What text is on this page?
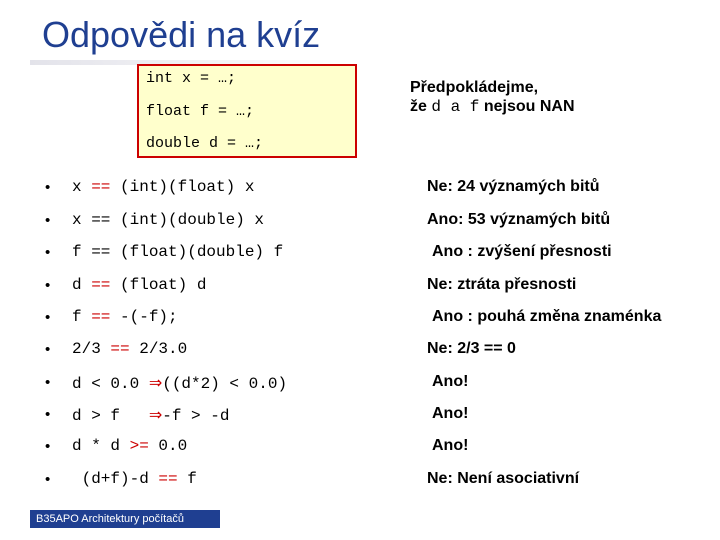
Odpovědi na kvíz
int x = …;
float f = …;
double d = …;
Předpokládejme,
že d a f nejsou NAN
• x == (int)(float) x	Ne: 24 významých bitů
• x == (int)(double) x	Ano: 53 významých bitů
• f == (float)(double) f	Ano : zvýšení přesnosti
• d == (float) d	Ne: ztráta přesnosti
• f == -(-f);	Ano : pouhá změna znaménka
• 2/3 == 2/3.0	Ne: 2/3 == 0
• d < 0.0 ⇒((d*2) < 0.0)	Ano!
• d > f   ⇒-f > -d	Ano!
• d * d >= 0.0	Ano!
• (d+f)-d == f	Ne: Není asociativní
B35APO Architektury počítačů
